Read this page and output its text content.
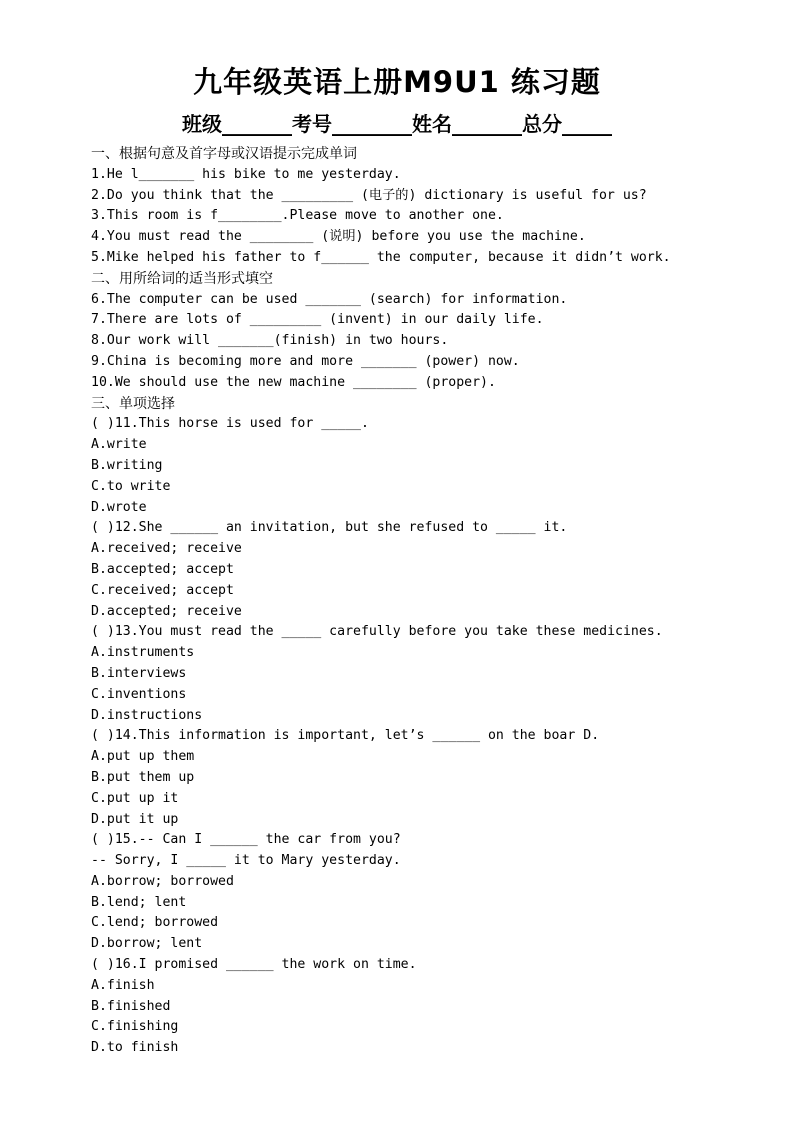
九年级英语上册M9U1 练习题
班级_______考号________姓名_______总分_____
一、根据句意及首字母或汉语提示完成单词
1.He l_______ his bike to me yesterday.
2.Do you think that the _________ (电子的) dictionary is useful for us?
3.This room is f________.Please move to another one.
4.You must read the ________ (说明) before you use the machine.
5.Mike helped his father to f______ the computer, because it didn’t work.
二、用所给词的适当形式填空
6.The computer can be used _______ (search) for information.
7.There are lots of _________ (invent) in our daily life.
8.Our work will _______(finish) in two hours.
9.China is becoming more and more _______ (power) now.
10.We should use the new machine ________ (proper).
三、单项选择
( )11.This horse is used for _____.
A.write
B.writing
C.to write
D.wrote
( )12.She ______ an invitation, but she refused to _____ it.
A.received; receive
B.accepted; accept
C.received; accept
D.accepted; receive
( )13.You must read the _____ carefully before you take these medicines.
A.instruments
B.interviews
C.inventions
D.instructions
( )14.This information is important, let’s ______ on the boar D.
A.put up them
B.put them up
C.put up it
D.put it up
( )15.-- Can I ______ the car from you?
-- Sorry, I _____ it to Mary yesterday.
A.borrow; borrowed
B.lend; lent
C.lend; borrowed
D.borrow; lent
( )16.I promised ______ the work on time.
A.finish
B.finished
C.finishing
D.to finish
